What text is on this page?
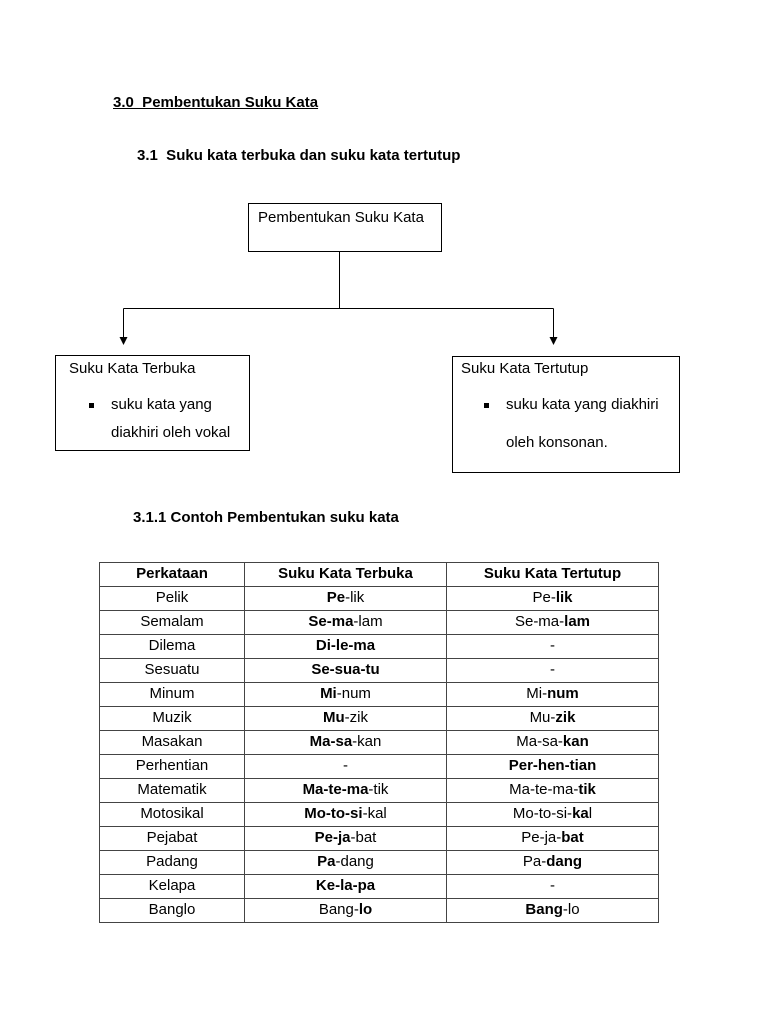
3.0  Pembentukan Suku Kata
3.1  Suku kata terbuka dan suku kata tertutup
Pembentukan Suku Kata
Suku Kata Terbuka
suku kata yang
diakhiri oleh vokal
Suku Kata Tertutup
suku kata yang diakhiri
oleh konsonan.
3.1.1 Contoh Pembentukan suku kata
Perkataan	Suku Kata Terbuka	Suku Kata Tertutup
Pelik	Pe-lik	Pe-lik
Semalam	Se-ma-lam	Se-ma-lam
Dilema	Di-le-ma	-
Sesuatu	Se-sua-tu	-
Minum	Mi-num	Mi-num
Muzik	Mu-zik	Mu-zik
Masakan	Ma-sa-kan	Ma-sa-kan
Perhentian	-	Per-hen-tian
Matematik	Ma-te-ma-tik	Ma-te-ma-tik
Motosikal	Mo-to-si-kal	Mo-to-si-kal
Pejabat	Pe-ja-bat	Pe-ja-bat
Padang	Pa-dang	Pa-dang
Kelapa	Ke-la-pa	-
Banglo	Bang-lo	Bang-lo
